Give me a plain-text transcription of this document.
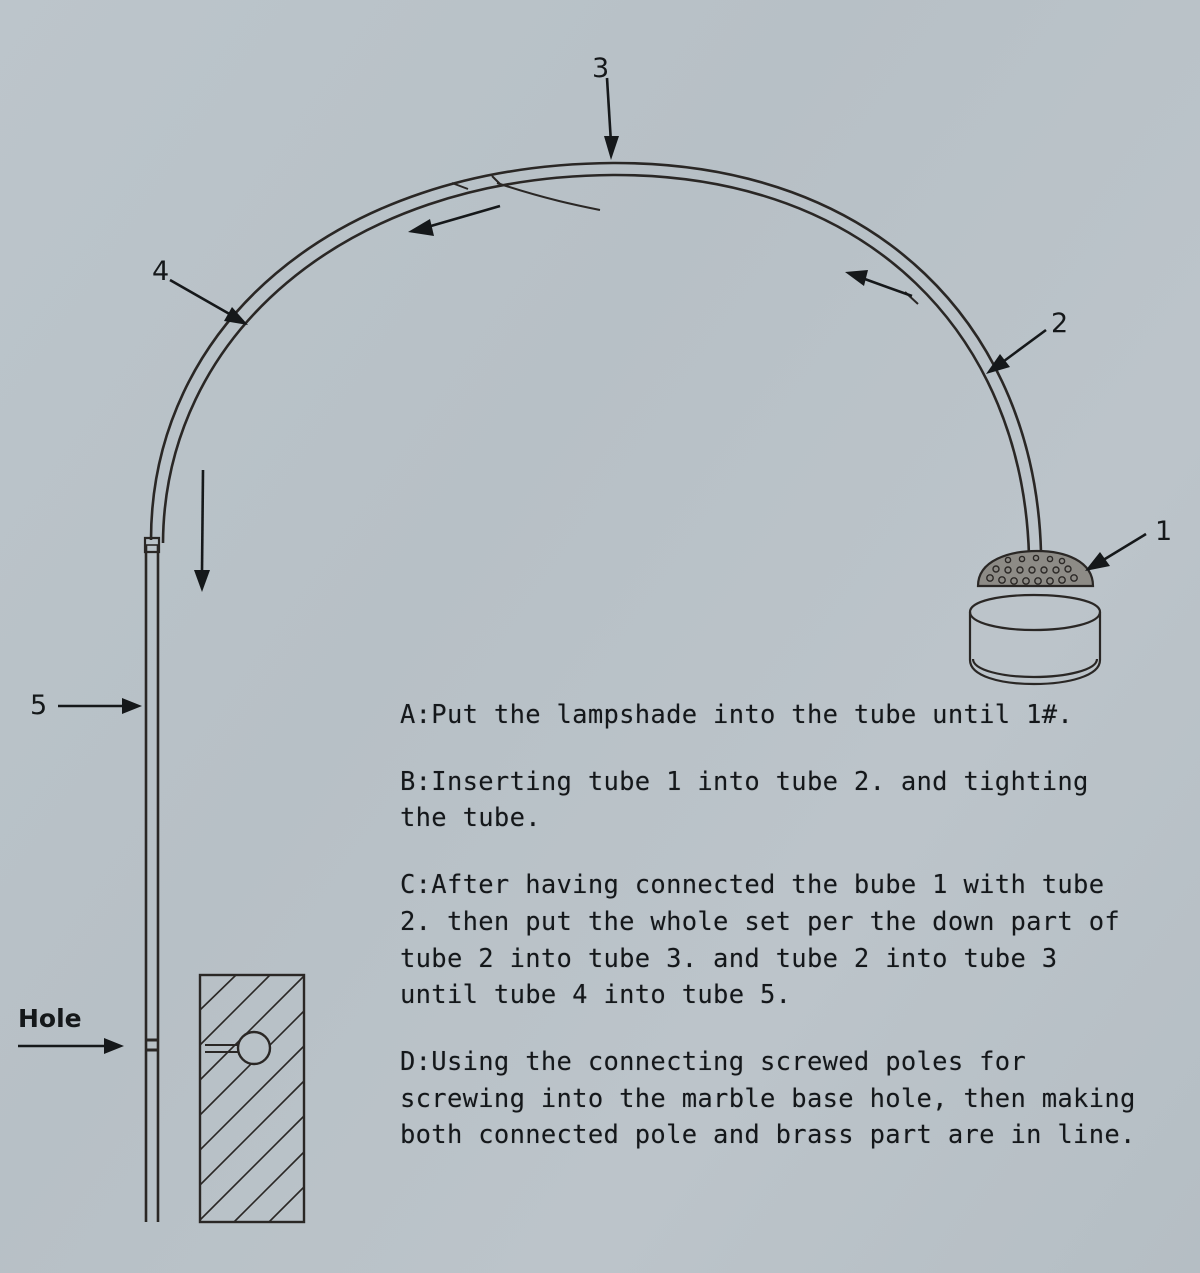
3
4
2
1
5
Hole
A:Put the lampshade into the tube until 1#.
B:Inserting tube 1 into tube 2. and tighting the tube.
C:After having connected the bube 1 with tube 2. then put the whole set per the down part of tube 2 into tube 3. and tube 2 into tube 3 until tube 4 into tube 5.
D:Using the connecting screwed poles for screwing into the marble base hole, then making both connected pole and brass part are in line.
